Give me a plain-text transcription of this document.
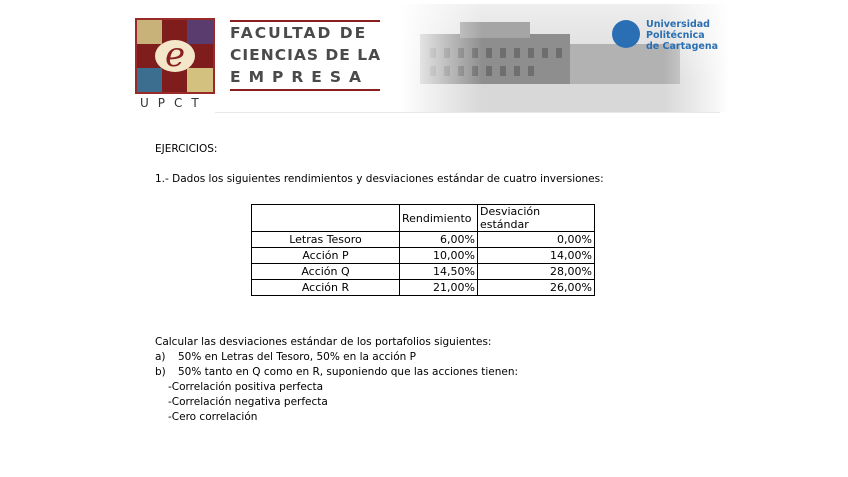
e
UPCT
FACULTAD DE
CIENCIAS DE LA
EMPRESA
Universidad
Politécnica
de Cartagena
EJERCICIOS:
1.- Dados los siguientes rendimientos y desviaciones estándar de cuatro inversiones:
	Rendimiento	Desviación estándar
Letras Tesoro	6,00%	0,00%
Acción P	10,00%	14,00%
Acción Q	14,50%	28,00%
Acción R	21,00%	26,00%
Calcular las desviaciones estándar de los portafolios siguientes:
a) 50% en Letras del Tesoro, 50% en la acción P
b) 50% tanto en Q como en R, suponiendo que las acciones tienen:
-Correlación positiva perfecta
-Correlación negativa perfecta
-Cero correlación
